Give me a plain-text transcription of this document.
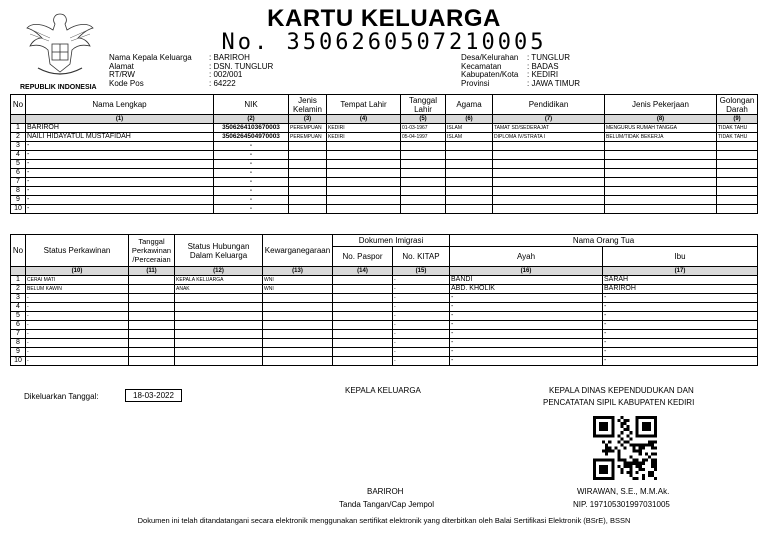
REPUBLIK INDONESIA
KARTU KELUARGA
No. 3506260507210005
Nama Kepala Keluarga : BARIROH
Alamat	: DSN. TUNGLUR
RT/RW	: 002/001
Kode Pos	: 64222
Desa/Kelurahan : TUNGLUR
Kecamatan	: BADAS
Kabupaten/Kota : KEDIRI
Provinsi	: JAWA TIMUR
No	Nama Lengkap	NIK	Jenis Kelamin	Tempat Lahir	Tanggal Lahir	Agama	Pendidikan	Jenis Pekerjaan	Golongan Darah
	(1)	(2)	(3)	(4)	(5)	(6)	(7)	(8)	(9)
1	BARIROH	3506264103670003	PEREMPUAN	KEDIRI	01-03-1967	ISLAM	TAMAT SD/SEDERAJAT	MENGURUS RUMAH TANGGA	TIDAK TAHU
2	NAILI HIDAYATUL MUSTAFIDAH	3506264504970003	PEREMPUAN	KEDIRI	05-04-1997	ISLAM	DIPLOMA IV/STRATA I	BELUM/TIDAK BEKERJA	TIDAK TAHU
3	-	-							
4	-	-							
5	-	-							
6	-	-							
7	-	-							
8	-	-							
9	-	-							
10	-	-							
No	Status Perkawinan	Tanggal Perkawinan /Perceraian	Status Hubungan Dalam Keluarga	Kewarganegaraan	Dokumen Imigrasi		Nama Orang Tua	
					No. Paspor	No. KITAP	Ayah	Ibu
	(10)	(11)	(12)	(13)	(14)	(15)	(16)	(17)
1	CERAI MATI		KEPALA KELUARGA	WNI		-	BANDI	SARAH
2	BELUM KAWIN		ANAK	WNI		-	ABD. KHOLIK	BARIROH
3	-					-	-	-
4	-					-	-	-
5	-					-	-	-
6	-					-	-	-
7	-					-	-	-
8	-					-	-	-
9	-					-	-	-
10	-					-	-	-
Dikeluarkan Tanggal:	18-03-2022
KEPALA KELUARGA
BARIROH
Tanda Tangan/Cap Jempol
KEPALA DINAS KEPENDUDUKAN DAN
PENCATATAN SIPIL KABUPATEN KEDIRI
WIRAWAN, S.E., M.M.Ak.
NIP. 197105301997031005
Dokumen ini telah ditandatangani secara elektronik menggunakan sertifikat elektronik yang diterbitkan oleh Balai Sertifikasi Elektronik (BSrE), BSSN
